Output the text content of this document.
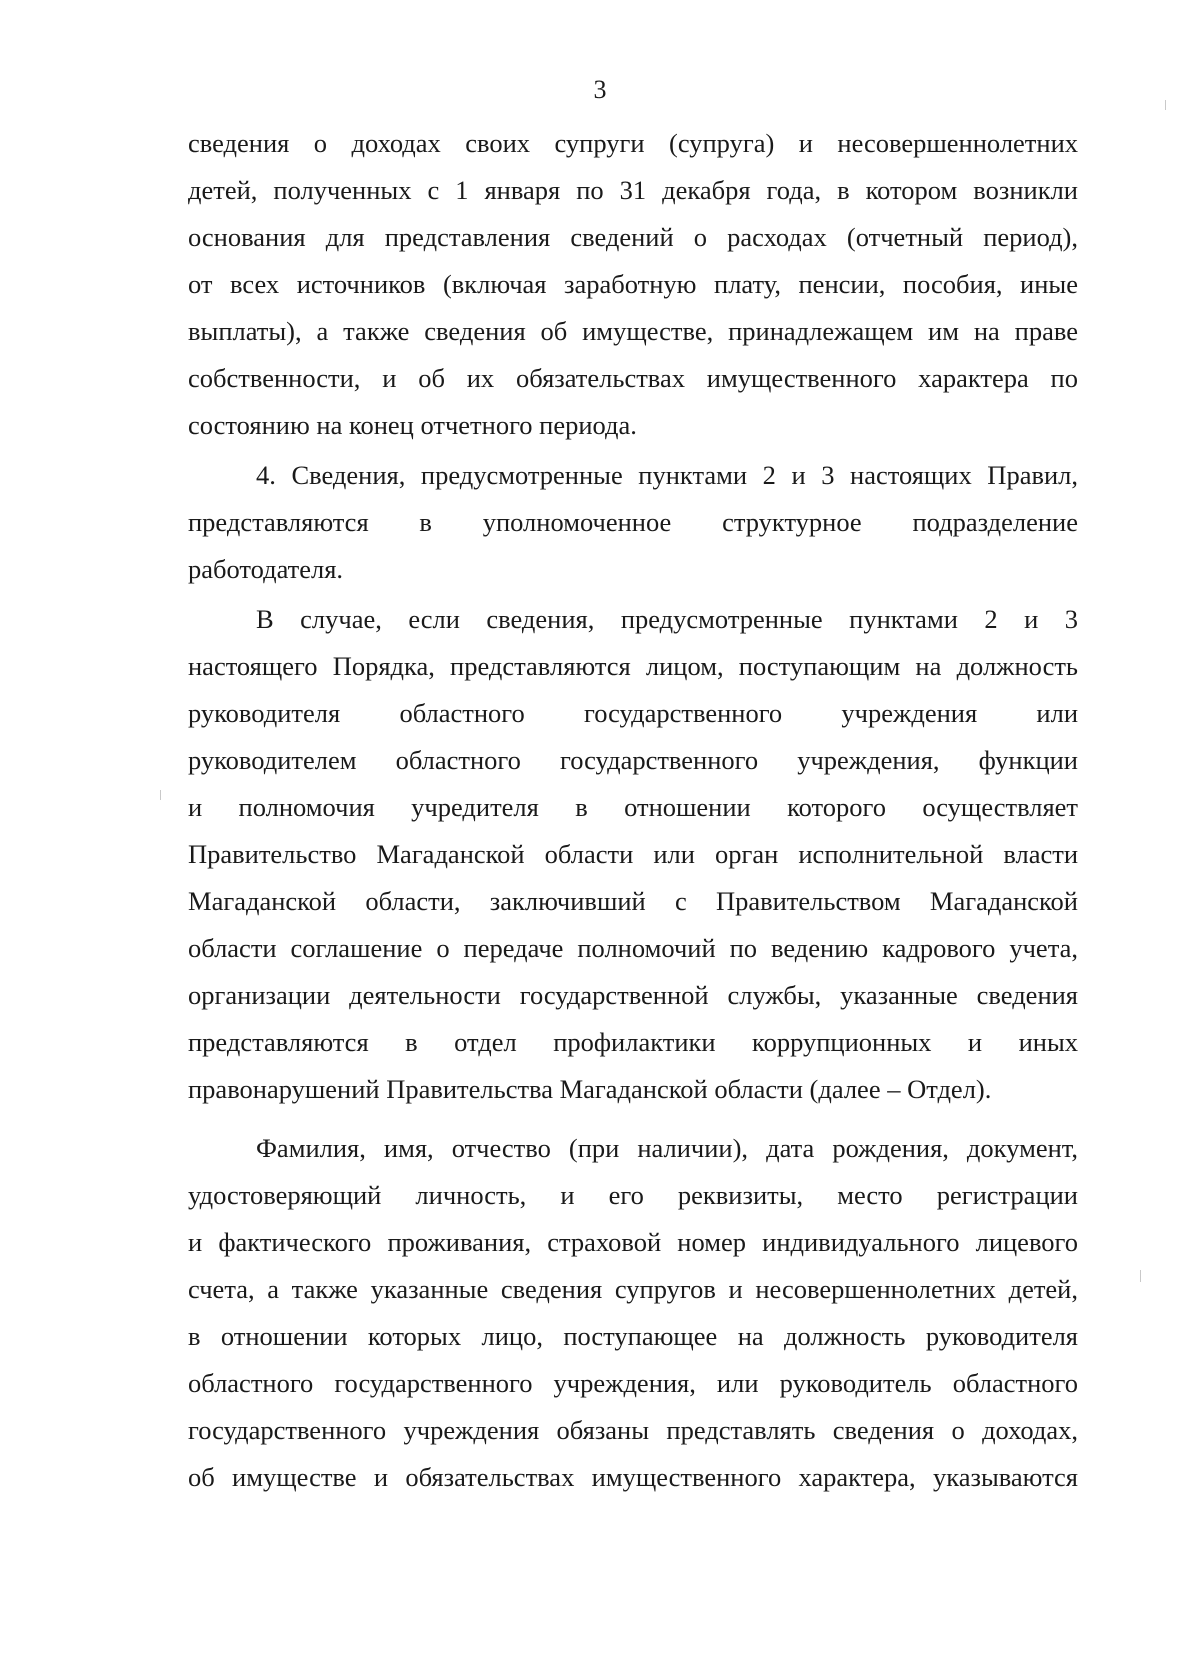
3
сведения о доходах своих супруги (супруга) и несовершеннолетних
детей, полученных с 1 января по 31 декабря года, в котором возникли
основания для представления сведений о расходах (отчетный период),
от всех источников (включая заработную плату, пенсии, пособия, иные
выплаты), а также сведения об имуществе, принадлежащем им на праве
собственности, и об их обязательствах имущественного характера по
состоянию на конец отчетного периода.
4. Сведения, предусмотренные пунктами 2 и 3 настоящих Правил,
представляются в уполномоченное структурное подразделение
работодателя.
В случае, если сведения, предусмотренные пунктами 2 и 3
настоящего Порядка, представляются лицом, поступающим на должность
руководителя областного государственного учреждения или
руководителем областного государственного учреждения, функции
и полномочия учредителя в отношении которого осуществляет
Правительство Магаданской области или орган исполнительной власти
Магаданской области, заключивший с Правительством Магаданской
области соглашение о передаче полномочий по ведению кадрового учета,
организации деятельности государственной службы, указанные сведения
представляются в отдел профилактики коррупционных и иных
правонарушений Правительства Магаданской области (далее – Отдел).
Фамилия, имя, отчество (при наличии), дата рождения, документ,
удостоверяющий личность, и его реквизиты, место регистрации
и фактического проживания, страховой номер индивидуального лицевого
счета, а также указанные сведения супругов и несовершеннолетних детей,
в отношении которых лицо, поступающее на должность руководителя
областного государственного учреждения, или руководитель областного
государственного учреждения обязаны представлять сведения о доходах,
об имуществе и обязательствах имущественного характера, указываются
